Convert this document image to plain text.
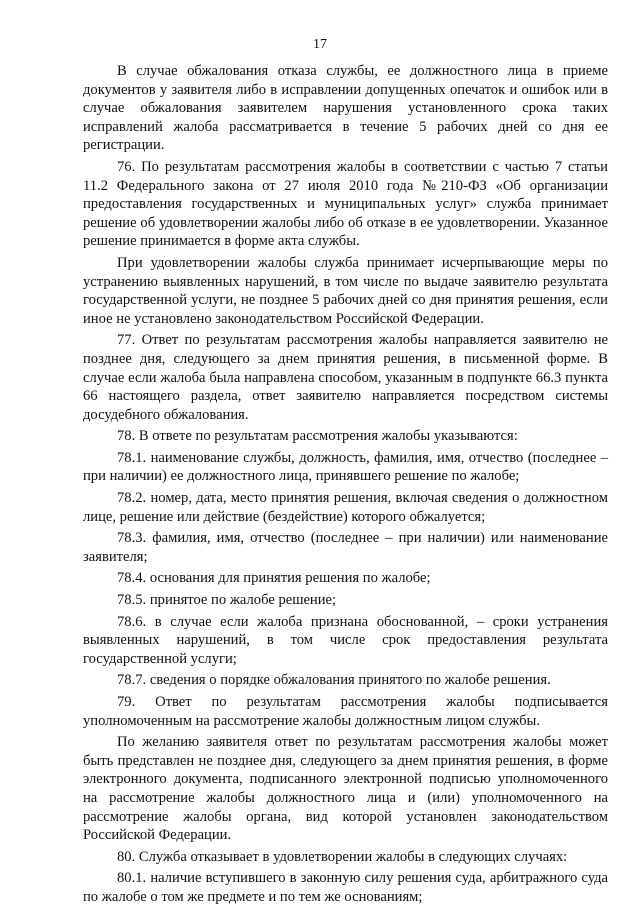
17

В случае обжалования отказа службы, ее должностного лица в приеме документов у заявителя либо в исправлении допущенных опечаток и ошибок или в случае обжалования заявителем нарушения установленного срока таких исправлений жалоба рассматривается в течение 5 рабочих дней со дня ее регистрации.

76. По результатам рассмотрения жалобы в соответствии с частью 7 статьи 11.2 Федерального закона от 27 июля 2010 года №210-ФЗ «Об организации предоставления государственных и муниципальных услуг» служба принимает решение об удовлетворении жалобы либо об отказе в ее удовлетворении. Указанное решение принимается в форме акта службы.

При удовлетворении жалобы служба принимает исчерпывающие меры по устранению выявленных нарушений, в том числе по выдаче заявителю результата государственной услуги, не позднее 5 рабочих дней со дня принятия решения, если иное не установлено законодательством Российской Федерации.

77. Ответ по результатам рассмотрения жалобы направляется заявителю не позднее дня, следующего за днем принятия решения, в письменной форме. В случае если жалоба была направлена способом, указанным в подпункте 66.3 пункта 66 настоящего раздела, ответ заявителю направляется посредством системы досудебного обжалования.

78. В ответе по результатам рассмотрения жалобы указываются:

78.1. наименование службы, должность, фамилия, имя, отчество (последнее – при наличии) ее должностного лица, принявшего решение по жалобе;

78.2. номер, дата, место принятия решения, включая сведения о должностном лице, решение или действие (бездействие) которого обжалуется;

78.3. фамилия, имя, отчество (последнее – при наличии) или наименование заявителя;

78.4. основания для принятия решения по жалобе;

78.5. принятое по жалобе решение;

78.6. в случае если жалоба признана обоснованной, – сроки устранения выявленных нарушений, в том числе срок предоставления результата государственной услуги;

78.7. сведения о порядке обжалования принятого по жалобе решения.

79. Ответ по результатам рассмотрения жалобы подписывается уполномоченным на рассмотрение жалобы должностным лицом службы.

По желанию заявителя ответ по результатам рассмотрения жалобы может быть представлен не позднее дня, следующего за днем принятия решения, в форме электронного документа, подписанного электронной подписью уполномоченного на рассмотрение жалобы должностного лица и (или) уполномоченного на рассмотрение жалобы органа, вид которой установлен законодательством Российской Федерации.

80. Служба отказывает в удовлетворении жалобы в следующих случаях:

80.1. наличие вступившего в законную силу решения суда, арбитражного суда по жалобе о том же предмете и по тем же основаниям;
